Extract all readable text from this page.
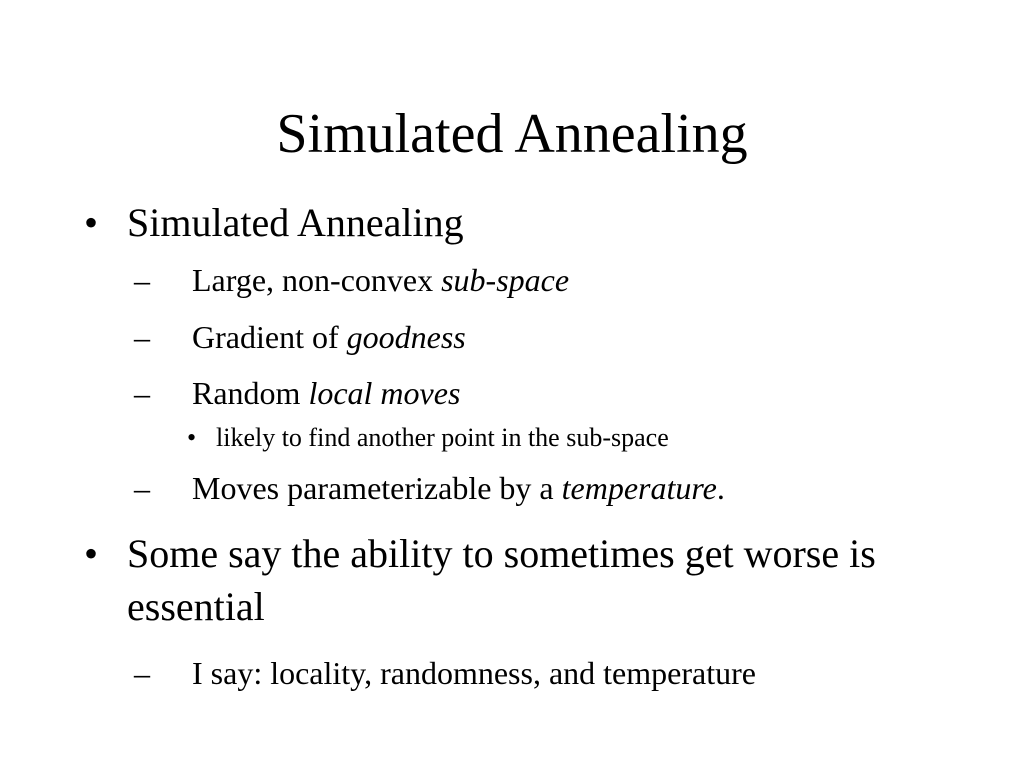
Simulated Annealing
• Simulated Annealing
– Large, non-convex sub-space
– Gradient of goodness
– Random local moves
• likely to find another point in the sub-space
– Moves parameterizable by a temperature.
• Some say the ability to sometimes get worse is essential
– I say: locality, randomness, and temperature
